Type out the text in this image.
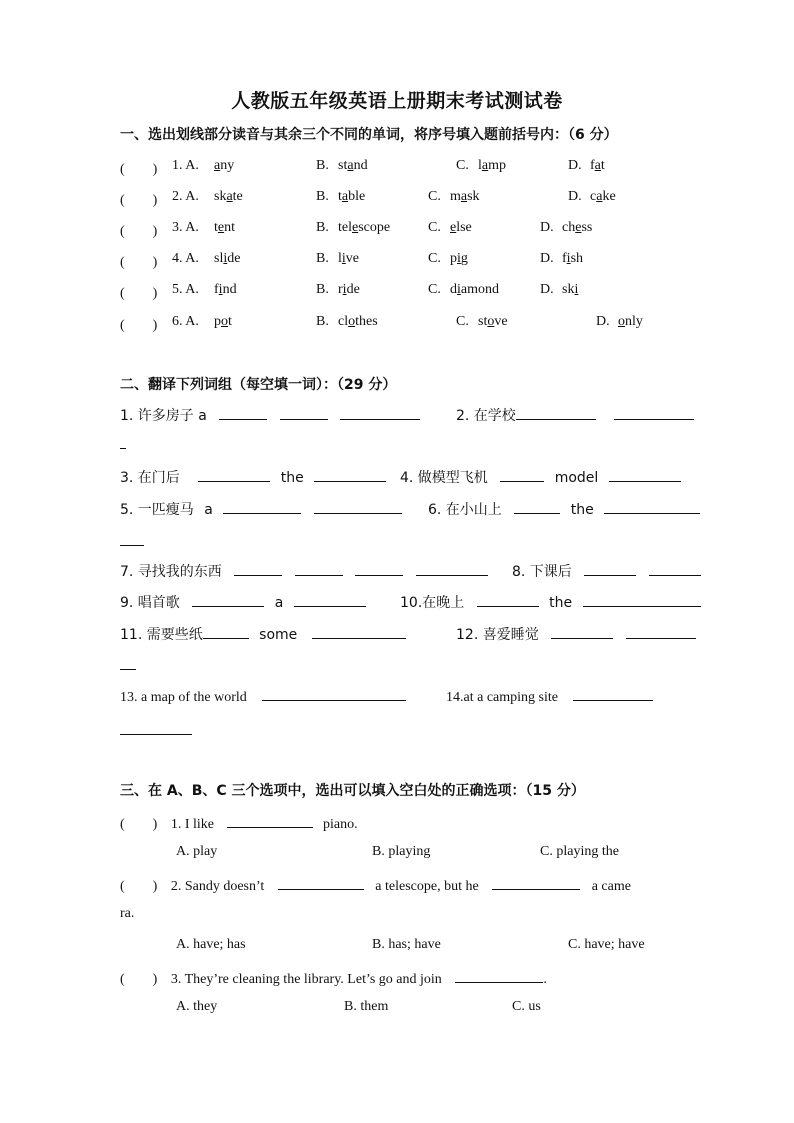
人教版五年级英语上册期末考试测试卷
一、选出划线部分读音与其余三个不同的单词，将序号填入题前括号内：（6 分）
(　　) 1. A. any	B. stand	C. lamp	D. fat
(　　) 2. A. skate	B. table	C. mask	D. cake
(　　) 3. A. tent	B. telescope	C. else	D. chess
(　　) 4. A. slide	B. live	C. pig	D. fish
(　　) 5. A. find	B. ride	C. diamond	D. ski
(　　) 6. A. pot	B. clothes	C. stove	D. only
二、翻译下列词组（每空填一词）：（29 分）
1. 许多房子 a	2. 在学校
3. 在门后	the	4. 做模型飞机	model
5. 一匹瘦马 a	6. 在小山上	the
7. 寻找我的东西	8. 下课后
9. 唱首歌	a	10.在晚上	the
11. 需要些纸	some	12. 喜爱睡觉
13. a map of the world	14.at a camping site
三、在 A、B、C 三个选项中，选出可以填入空白处的正确选项：（15 分）
(　　) 1. I like	piano.
A. play	B. playing	C. playing the
(　　) 2. Sandy doesn’t	a telescope, but he	a came
ra.
A. have; has	B. has; have	C. have; have
(　　) 3. They’re cleaning the library. Let’s go and join	.
A. they	B. them	C. us
